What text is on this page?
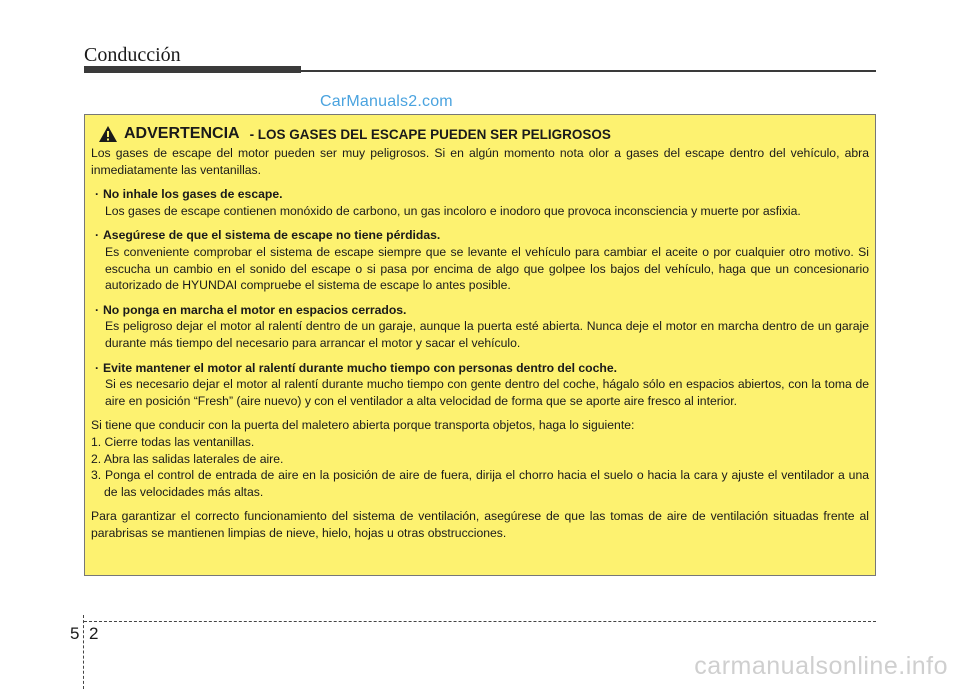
Conducción
CarManuals2.com
ADVERTENCIA - LOS GASES DEL ESCAPE PUEDEN SER PELIGROSOS

Los gases de escape del motor pueden ser muy peligrosos. Si en algún momento nota olor a gases del escape dentro del vehículo, abra inmediatamente las ventanillas.

· No inhale los gases de escape.

Los gases de escape contienen monóxido de carbono, un gas incoloro e inodoro que provoca inconsciencia y muerte por asfixia.

· Asegúrese de que el sistema de escape no tiene pérdidas.

Es conveniente comprobar el sistema de escape siempre que se levante el vehículo para cambiar el aceite o por cualquier otro motivo. Si escucha un cambio en el sonido del escape o si pasa por encima de algo que golpee los bajos del vehículo, haga que un concesionario autorizado de HYUNDAI compruebe el sistema de escape lo antes posible.

· No ponga en marcha el motor en espacios cerrados.

Es peligroso dejar el motor al ralentí dentro de un garaje, aunque la puerta esté abierta. Nunca deje el motor en marcha dentro de un garaje durante más tiempo del necesario para arrancar el motor y sacar el vehículo.

· Evite mantener el motor al ralentí durante mucho tiempo con personas dentro del coche.

Si es necesario dejar el motor al ralentí durante mucho tiempo con gente dentro del coche, hágalo sólo en espacios abiertos, con la toma de aire en posición “Fresh” (aire nuevo) y con el ventilador a alta velocidad de forma que se aporte aire fresco al interior.

Si tiene que conducir con la puerta del maletero abierta porque transporta objetos, haga lo siguiente:

1. Cierre todas las ventanillas.

2. Abra las salidas laterales de aire.

3. Ponga el control de entrada de aire en la posición de aire de fuera, dirija el chorro hacia el suelo o hacia la cara y ajuste el ventilador a una de las velocidades más altas.

Para garantizar el correcto funcionamiento del sistema de ventilación, asegúrese de que las tomas de aire de ventilación situadas frente al parabrisas se mantienen limpias de nieve, hielo, hojas u otras obstrucciones.

5 2
carmanualsonline.info
